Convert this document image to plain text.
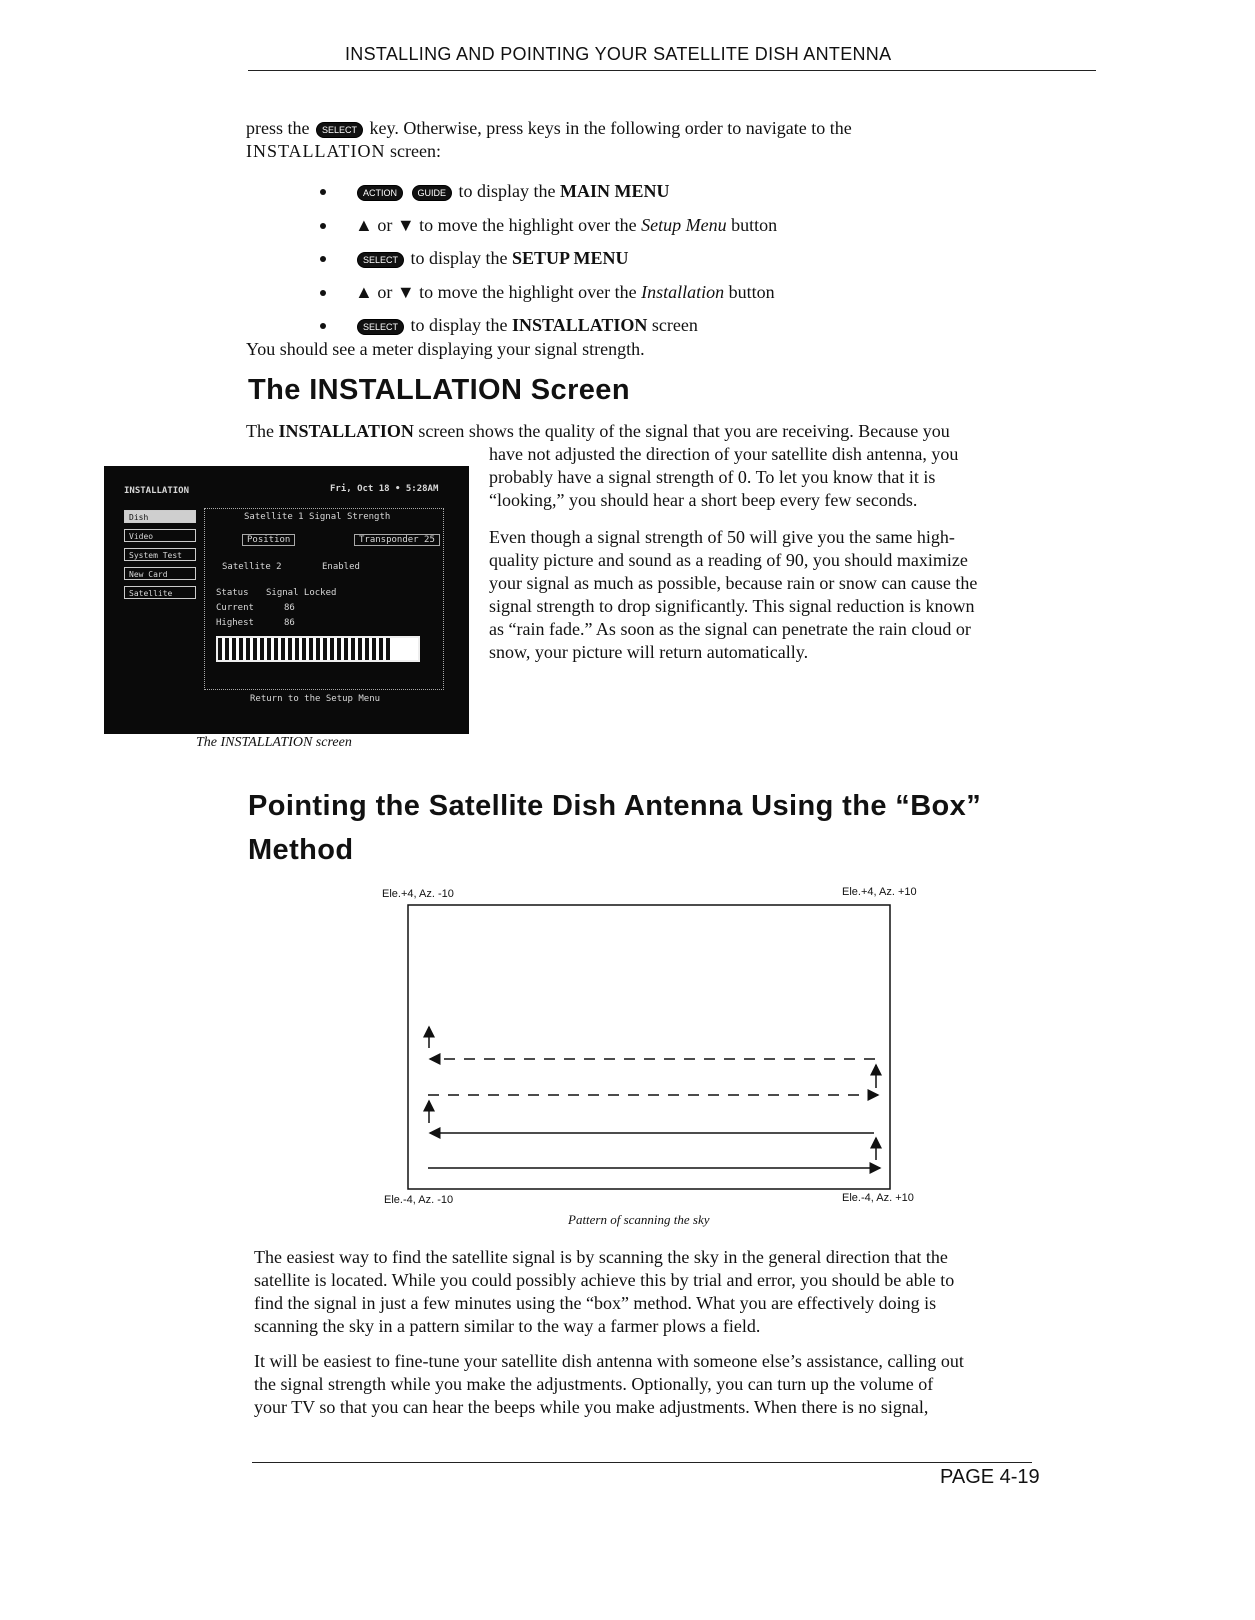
INSTALLING AND POINTING YOUR SATELLITE DISH ANTENNA
press the SELECT key. Otherwise, press keys in the following order to navigate to the
INSTALLATION screen:
ACTION GUIDE to display the MAIN MENU
▲ or ▼ to move the highlight over the Setup Menu button
SELECT to display the SETUP MENU
▲ or ▼ to move the highlight over the Installation button
SELECT to display the INSTALLATION screen
You should see a meter displaying your signal strength.
The INSTALLATION Screen
The INSTALLATION screen shows the quality of the signal that you are receiving. Because you
have not adjusted the direction of your satellite dish antenna, you
probably have a signal strength of 0. To let you know that it is
“looking,” you should hear a short beep every few seconds.
Even though a signal strength of 50 will give you the same high-
quality picture and sound as a reading of 90, you should maximize
your signal as much as possible, because rain or snow can cause the
signal strength to drop significantly. This signal reduction is known
as “rain fade.” As soon as the signal can penetrate the rain cloud or
snow, your picture will return automatically.
INSTALLATION	Fri, Oct 18 • 5:28AM
Dish
Video
System Test
New Card
Satellite
Satellite 1 Signal Strength
Position	Transponder 25
Satellite 2	Enabled
Status Signal Locked
Current	86
Highest	86
Return to the Setup Menu
The INSTALLATION screen
Pointing the Satellite Dish Antenna Using the “Box”
Method
Ele.+4, Az. -10	Ele.+4, Az. +10
Ele.-4, Az. -10	Ele.-4, Az. +10
Pattern of scanning the sky
The easiest way to find the satellite signal is by scanning the sky in the general direction that the
satellite is located. While you could possibly achieve this by trial and error, you should be able to
find the signal in just a few minutes using the “box” method. What you are effectively doing is
scanning the sky in a pattern similar to the way a farmer plows a field.
It will be easiest to fine-tune your satellite dish antenna with someone else’s assistance, calling out
the signal strength while you make the adjustments. Optionally, you can turn up the volume of
your TV so that you can hear the beeps while you make adjustments. When there is no signal,
PAGE 4-19
